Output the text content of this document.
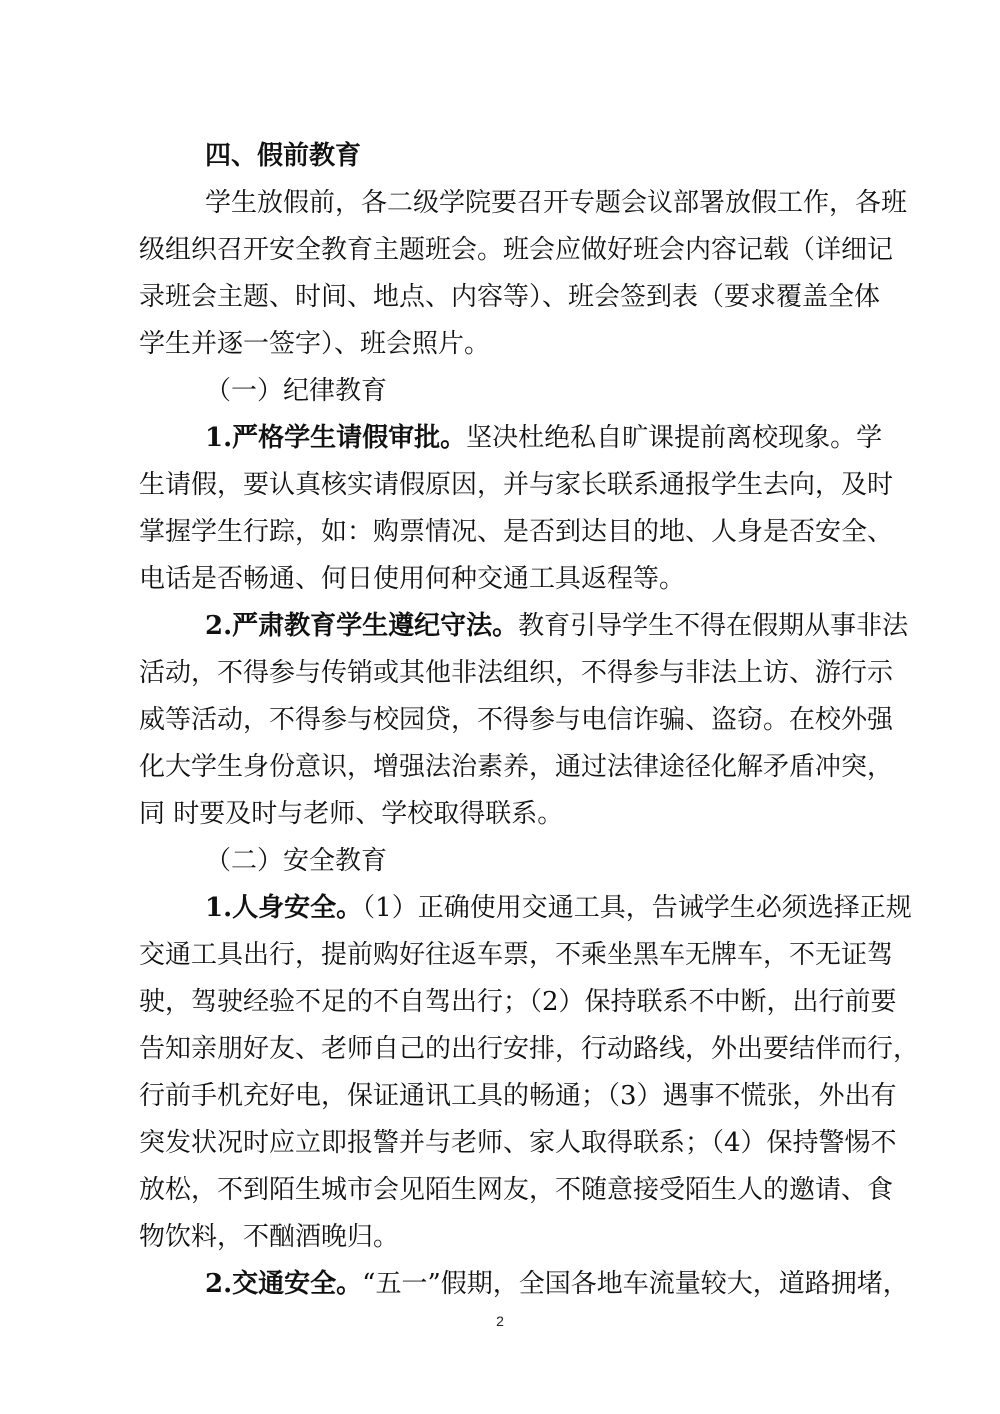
四、假前教育
学生放假前，各二级学院要召开专题会议部署放假工作，各班
级组织召开安全教育主题班会。班会应做好班会内容记载（详细记
录班会主题、时间、地点、内容等）、班会签到表（要求覆盖全体
学生并逐一签字）、班会照片。
（一）纪律教育
1.严格学生请假审批。坚决杜绝私自旷课提前离校现象。学
生请假，要认真核实请假原因，并与家长联系通报学生去向，及时
掌握学生行踪，如：购票情况、是否到达目的地、人身是否安全、
电话是否畅通、何日使用何种交通工具返程等。
2.严肃教育学生遵纪守法。教育引导学生不得在假期从事非法
活动，不得参与传销或其他非法组织，不得参与非法上访、游行示
威等活动，不得参与校园贷，不得参与电信诈骗、盗窃。在校外强
化大学生身份意识，增强法治素养，通过法律途径化解矛盾冲突，
同 时要及时与老师、学校取得联系。
（二）安全教育
1.人身安全。（1）正确使用交通工具，告诫学生必须选择正规
交通工具出行，提前购好往返车票，不乘坐黑车无牌车，不无证驾
驶，驾驶经验不足的不自驾出行；（2）保持联系不中断，出行前要
告知亲朋好友、老师自己的出行安排，行动路线，外出要结伴而行，
行前手机充好电，保证通讯工具的畅通；（3）遇事不慌张，外出有
突发状况时应立即报警并与老师、家人取得联系；（4）保持警惕不
放松，不到陌生城市会见陌生网友，不随意接受陌生人的邀请、食
物饮料，不酗酒晚归。
2.交通安全。“五一”假期，全国各地车流量较大，道路拥堵，
2
